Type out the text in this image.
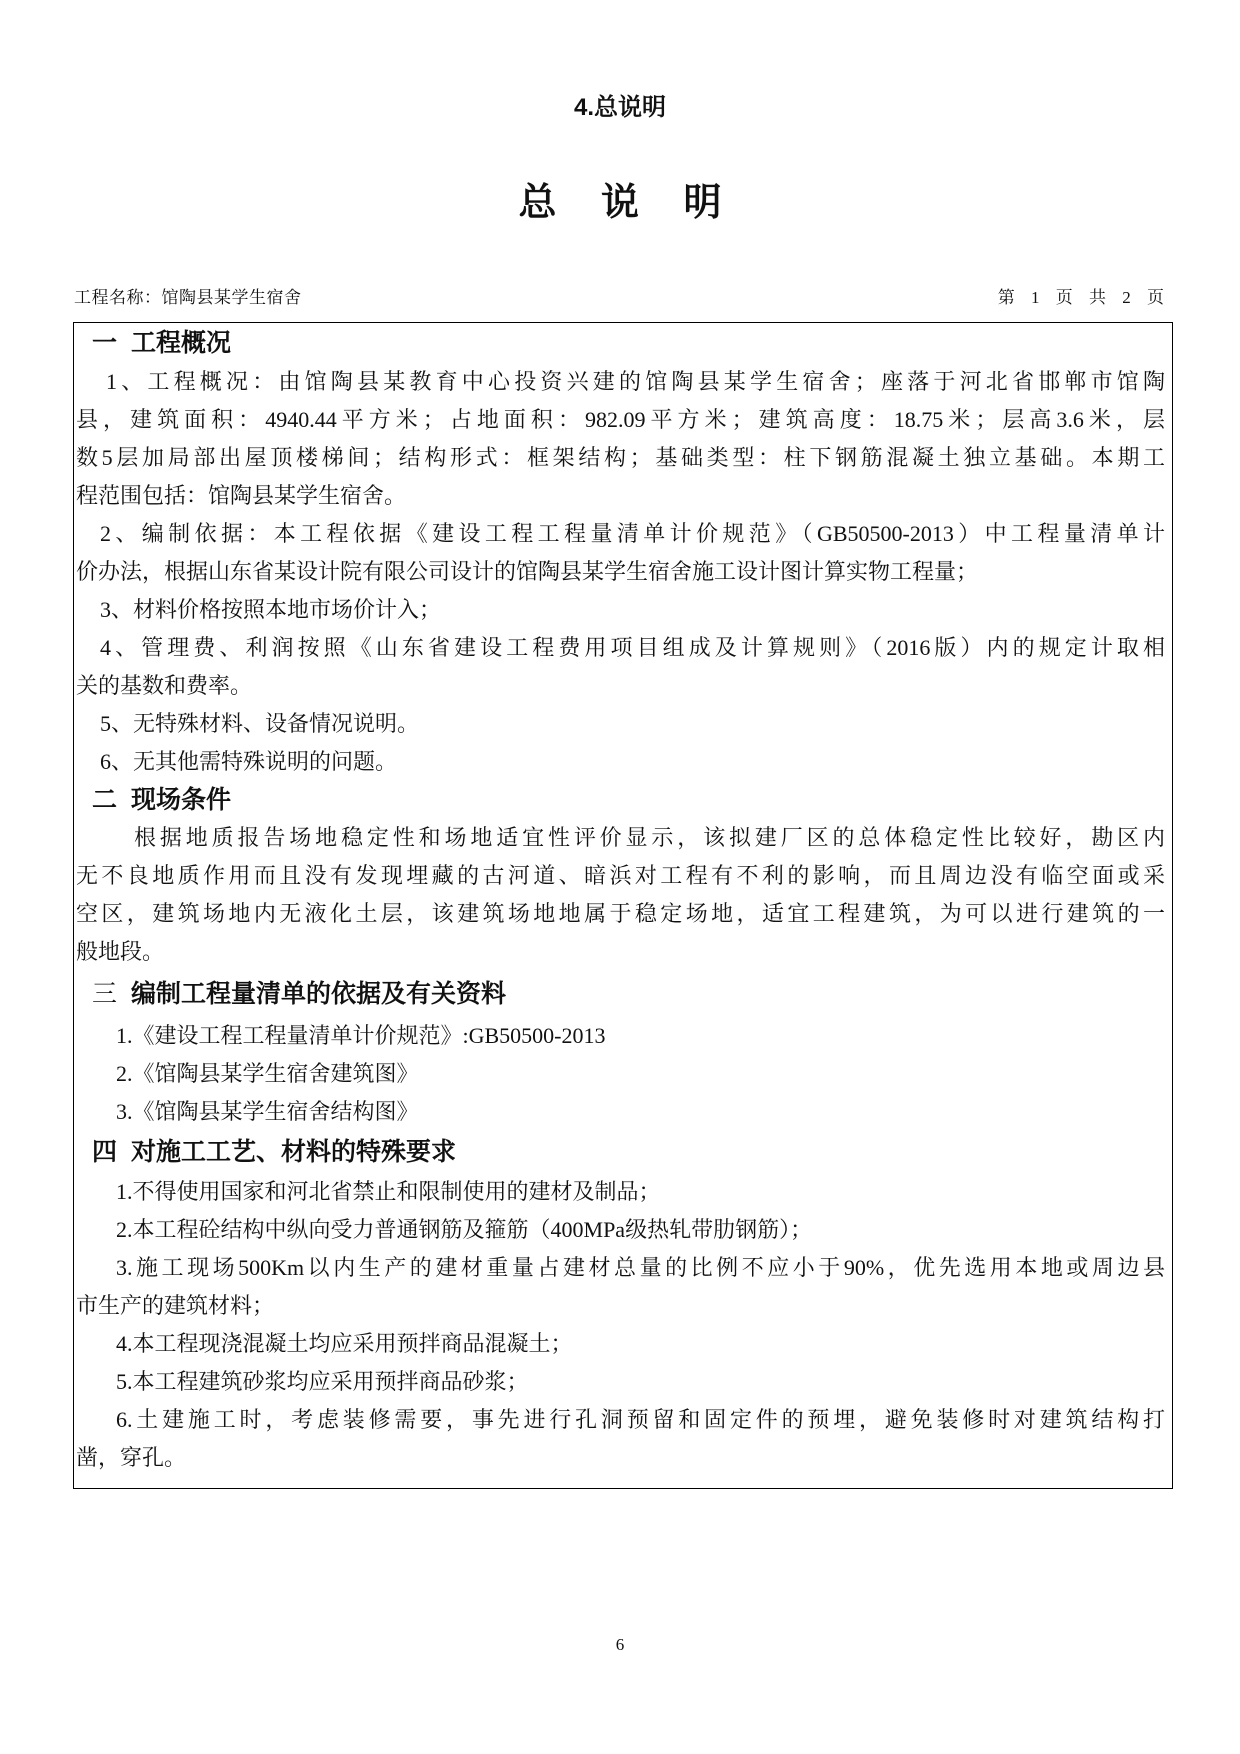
4.总说明
总 说 明
工程名称：馆陶县某学生宿舍	第 1 页 共 2 页
一 工程概况
1、工程概况：由馆陶县某教育中心投资兴建的馆陶县某学生宿舍；座落于河北省邯郸市馆陶
县，建筑面积：4940.44平方米；占地面积：982.09平方米；建筑高度：18.75米；层高3.6米，层
数5层加局部出屋顶楼梯间；结构形式：框架结构；基础类型：柱下钢筋混凝土独立基础。本期工
程范围包括：馆陶县某学生宿舍。
2、编制依据：本工程依据《建设工程工程量清单计价规范》（GB50500-2013）中工程量清单计
价办法，根据山东省某设计院有限公司设计的馆陶县某学生宿舍施工设计图计算实物工程量；
3、材料价格按照本地市场价计入；
4、管理费、利润按照《山东省建设工程费用项目组成及计算规则》（2016版）内的规定计取相
关的基数和费率。
5、无特殊材料、设备情况说明。
6、无其他需特殊说明的问题。
二 现场条件
根据地质报告场地稳定性和场地适宜性评价显示，该拟建厂区的总体稳定性比较好，勘区内
无不良地质作用而且没有发现埋藏的古河道、暗浜对工程有不利的影响，而且周边没有临空面或采
空区，建筑场地内无液化土层，该建筑场地地属于稳定场地，适宜工程建筑，为可以进行建筑的一
般地段。
三 编制工程量清单的依据及有关资料
1.《建设工程工程量清单计价规范》:GB50500-2013
2.《馆陶县某学生宿舍建筑图》
3.《馆陶县某学生宿舍结构图》
四 对施工工艺、材料的特殊要求
1.不得使用国家和河北省禁止和限制使用的建材及制品；
2.本工程砼结构中纵向受力普通钢筋及箍筋（400MPa级热轧带肋钢筋）；
3.施工现场500Km以内生产的建材重量占建材总量的比例不应小于90%，优先选用本地或周边县
市生产的建筑材料；
4.本工程现浇混凝土均应采用预拌商品混凝土；
5.本工程建筑砂浆均应采用预拌商品砂浆；
6.土建施工时，考虑装修需要，事先进行孔洞预留和固定件的预埋，避免装修时对建筑结构打
凿，穿孔。
6
